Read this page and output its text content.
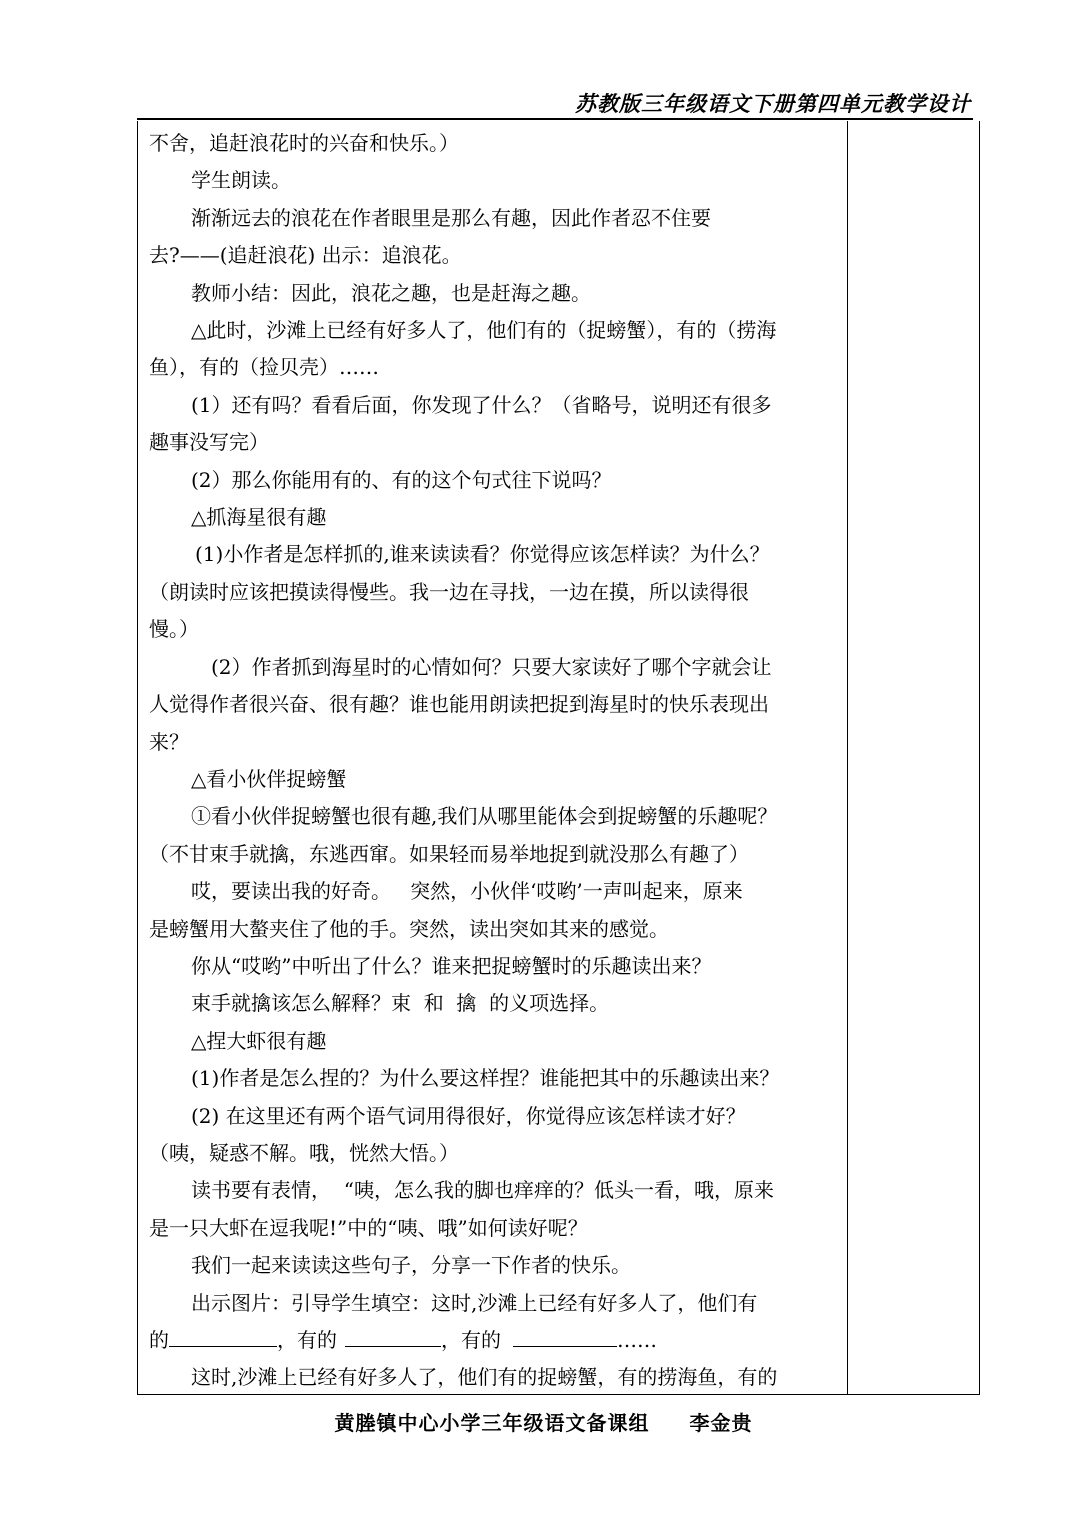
苏教版三年级语文下册第四单元教学设计

不舍，追赶浪花时的兴奋和快乐。）

学生朗读。

渐渐远去的浪花在作者眼里是那么有趣，因此作者忍不住要

去?——(追赶浪花) 出示：追浪花。

教师小结：因此，浪花之趣，也是赶海之趣。

△此时，沙滩上已经有好多人了，他们有的（捉螃蟹），有的（捞海

鱼），有的（捡贝壳）……

(1）还有吗？看看后面，你发现了什么？（省略号，说明还有很多

趣事没写完）

(2）那么你能用有的、有的这个句式往下说吗？

△抓海星很有趣

(1)小作者是怎样抓的,谁来读读看？你觉得应该怎样读？为什么？

（朗读时应该把摸读得慢些。我一边在寻找，一边在摸，所以读得很

慢。）

(2）作者抓到海星时的心情如何？只要大家读好了哪个字就会让

人觉得作者很兴奋、很有趣？谁也能用朗读把捉到海星时的快乐表现出

来？

△看小伙伴捉螃蟹

①看小伙伴捉螃蟹也很有趣,我们从哪里能体会到捉螃蟹的乐趣呢？

（不甘束手就擒，东逃西窜。如果轻而易举地捉到就没那么有趣了）

哎，要读出我的好奇。   突然，小伙伴‘哎哟’一声叫起来，原来

是螃蟹用大螯夹住了他的手。突然，读出突如其来的感觉。

你从“哎哟”中听出了什么？谁来把捉螃蟹时的乐趣读出来？

束手就擒该怎么解释？束  和  擒  的义项选择。

△捏大虾很有趣

(1)作者是怎么捏的？为什么要这样捏？谁能把其中的乐趣读出来？

(2) 在这里还有两个语气词用得很好，你觉得应该怎样读才好？

（咦，疑惑不解。哦，恍然大悟。）

读书要有表情，  “咦，怎么我的脚也痒痒的？低头一看，哦，原来

是一只大虾在逗我呢!”中的“咦、哦”如何读好呢？

我们一起来读读这些句子，分享一下作者的快乐。

出示图片：引导学生填空：这时,沙滩上已经有好多人了，他们有

的	，有的	，有的	……

这时,沙滩上已经有好多人了，他们有的捉螃蟹，有的捞海鱼，有的

黄塍镇中心小学三年级语文备课组 李金贵
